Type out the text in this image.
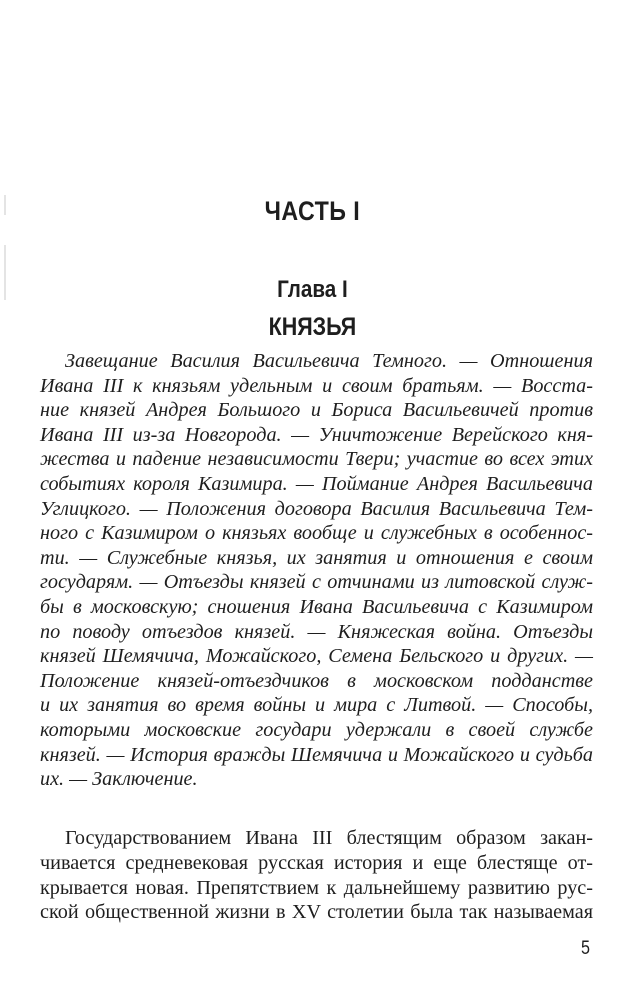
ЧАСТЬ I
Глава I
КНЯЗЬЯ
Завещание Василия Васильевича Темного. — Отношения
Ивана III к князьям удельным и своим братьям. — Восста-
ние князей Андрея Большого и Бориса Васильевичей против
Ивана III из-за Новгорода. — Уничтожение Верейского кня-
жества и падение независимости Твери; участие во всех этих
событиях короля Казимира. — Поймание Андрея Васильевича
Углицкого. — Положения договора Василия Васильевича Тем-
ного с Казимиром о князьях вообще и служебных в особеннос-
ти. — Служебные князья, их занятия и отношения е своим
государям. — Отъезды князей с отчинами из литовской служ-
бы в московскую; сношения Ивана Васильевича с Казимиром
по поводу отъездов князей. — Княжеская война. Отъезды
князей Шемячича, Можайского, Семена Бельского и других. —
Положение князей-отъездчиков в московском подданстве
и их занятия во время войны и мира с Литвой. — Способы,
которыми московские государи удержали в своей службе
князей. — История вражды Шемячича и Можайского и судьба
их. — Заключение.
Государствованием Ивана III блестящим образом закан-
чивается средневековая русская история и еще блестяще от-
крывается новая. Препятствием к дальнейшему развитию рус-
ской общественной жизни в XV столетии была так называемая
5
